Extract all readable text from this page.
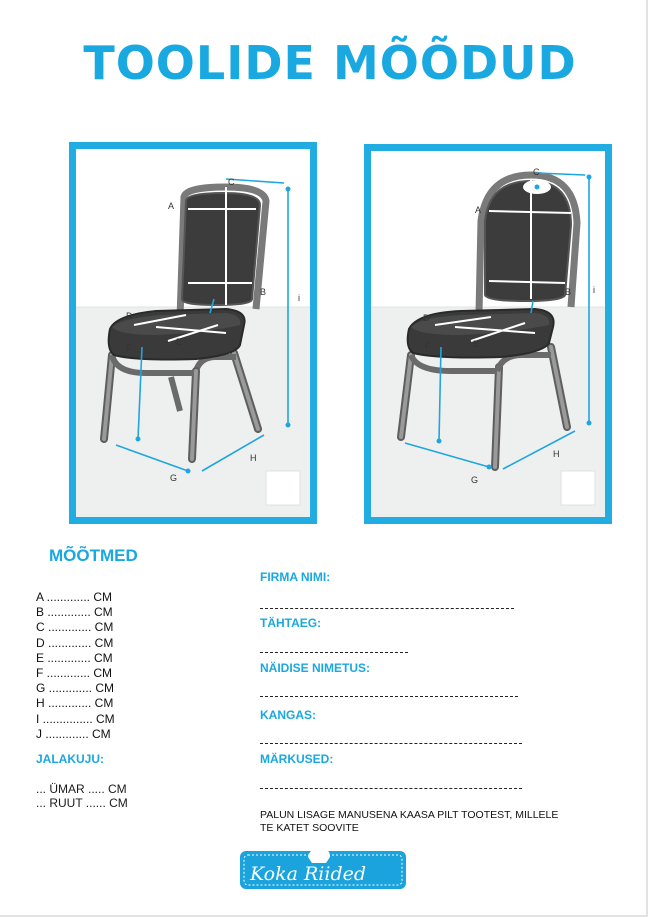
TOOLIDE MÕÕDUD
A
B
C
D
E
F
G
H
i
A
B
C
D
E
F
G
H
i
MÕÕTMED
A ............. CM
B ............. CM
C ............. CM
D ............. CM
E ............. CM
F ............. CM
G ............. CM
H ............. CM
I ............... CM
J ............. CM
JALAKUJU:
... ÜMAR ..... CM
... RUUT ...... CM
FIRMA NIMI:
TÄHTAEG:
NÄIDISE NIMETUS:
KANGAS:
MÄRKUSED:
PALUN LISAGE MANUSENA KAASA PILT TOOTEST, MILLELE TE KATET SOOVITE
Koka Riided
